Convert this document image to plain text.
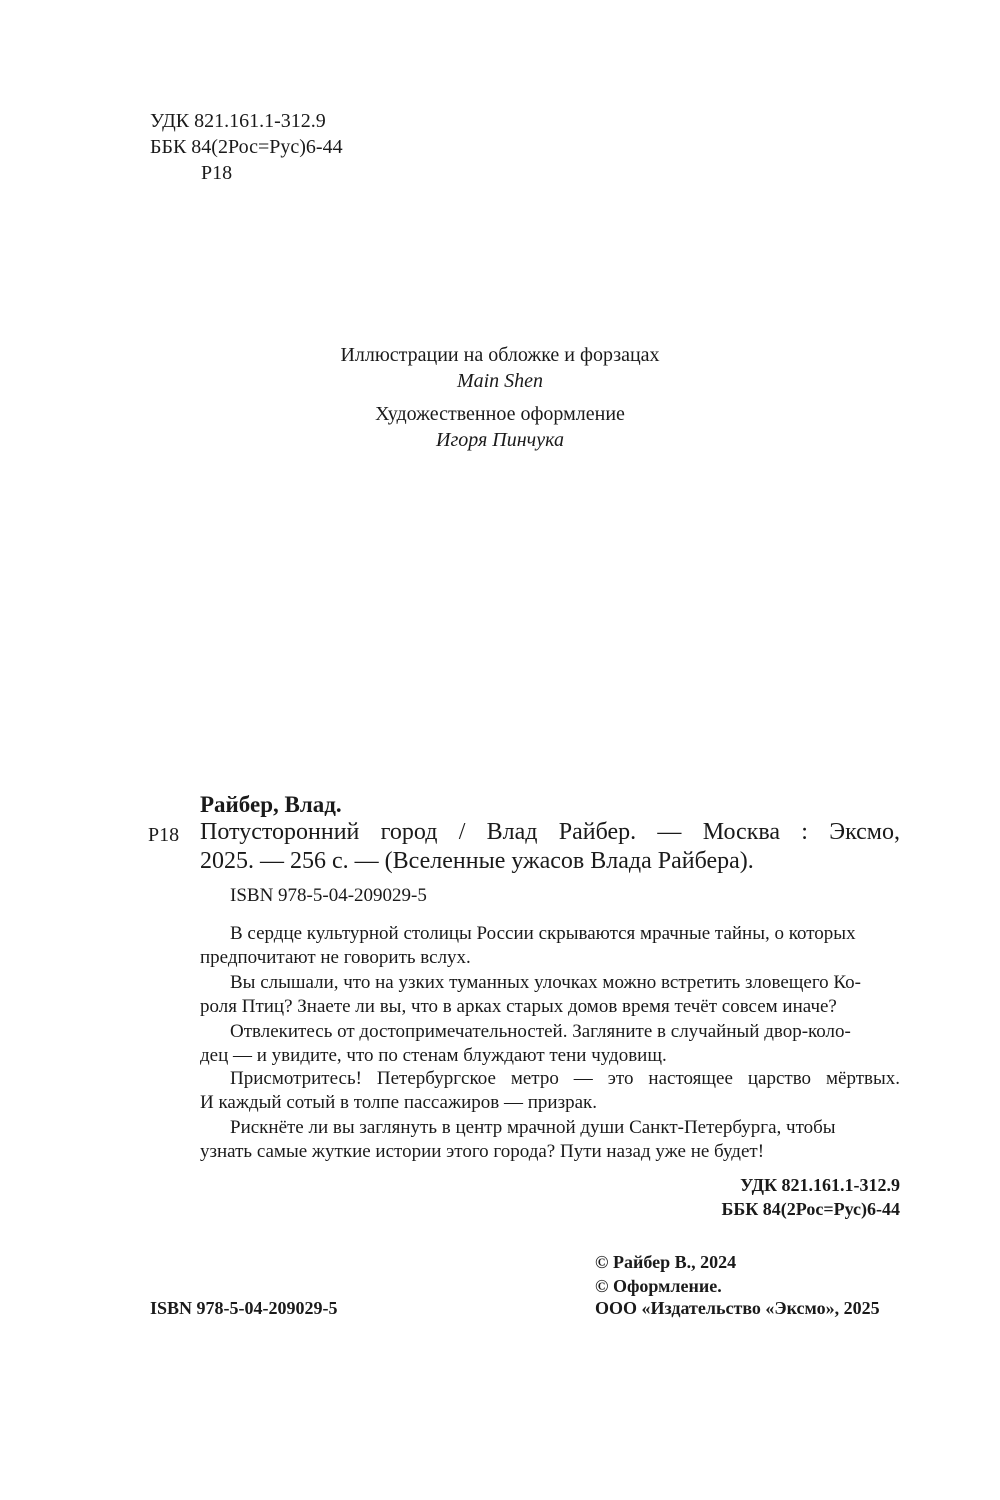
УДК 821.161.1-312.9
ББК 84(2Рос=Рус)6-44
Р18
Иллюстрации на обложке и форзацах
Main Shen
Художественное оформление
Игоря Пинчука
Райбер, Влад.
Р18 Потусторонний город / Влад Райбер. — Москва : Эксмо,
2025. — 256 с. — (Вселенные ужасов Влада Райбера).
ISBN 978-5-04-209029-5
В сердце культурной столицы России скрываются мрачные тайны, о которых
предпочитают не говорить вслух.
Вы слышали, что на узких туманных улочках можно встретить зловещего Ко-
роля Птиц? Знаете ли вы, что в арках старых домов время течёт совсем иначе?
Отвлекитесь от достопримечательностей. Загляните в случайный двор-коло-
дец — и увидите, что по стенам блуждают тени чудовищ.
Присмотритесь! Петербургское метро — это настоящее царство мёртвых.
И каждый сотый в толпе пассажиров — призрак.
Рискнёте ли вы заглянуть в центр мрачной души Санкт-Петербурга, чтобы
узнать самые жуткие истории этого города? Пути назад уже не будет!
УДК 821.161.1-312.9
ББК 84(2Рос=Рус)6-44
© Райбер В., 2024
© Оформление.
ООО «Издательство «Эксмо», 2025
ISBN 978-5-04-209029-5
